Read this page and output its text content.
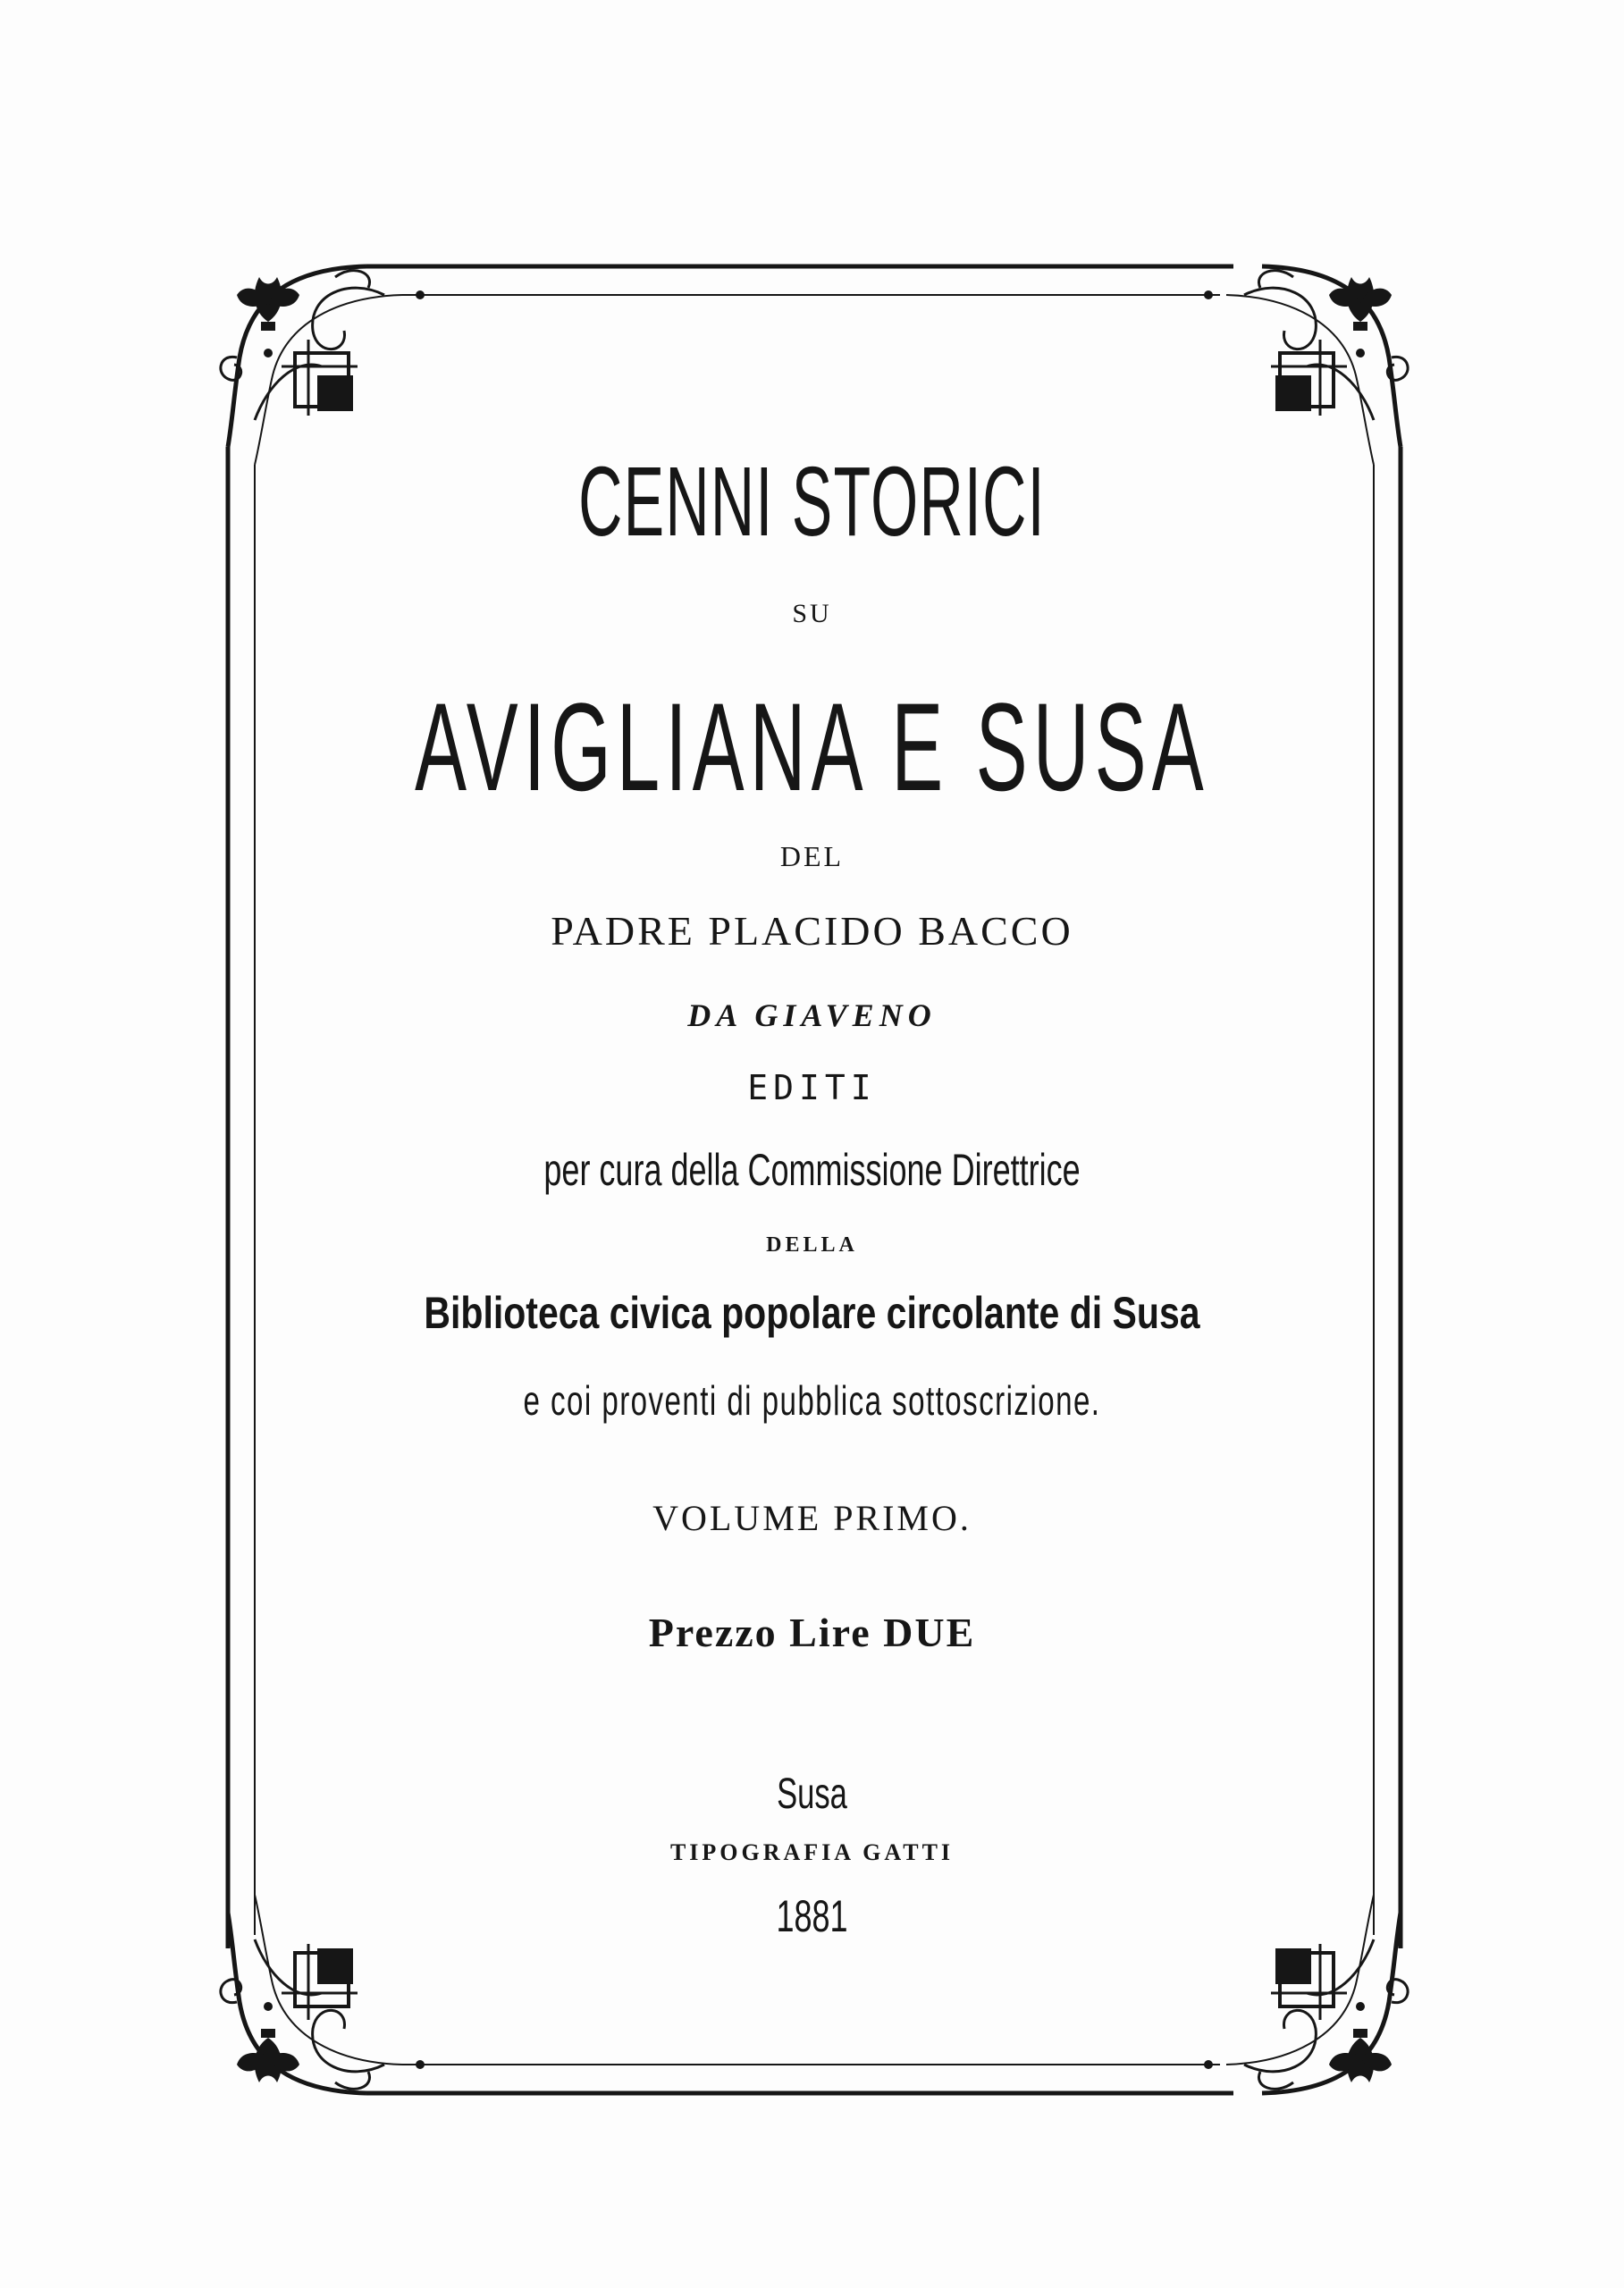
CENNI STORICI
SU
AVIGLIANA E SUSA
DEL
PADRE PLACIDO BACCO
DA GIAVENO
EDITI
per cura della Commissione Direttrice
DELLA
Biblioteca civica popolare circolante di Susa
e coi proventi di pubblica sottoscrizione.
VOLUME PRIMO.
Prezzo Lire DUE
Susa
TIPOGRAFIA GATTI
1881
